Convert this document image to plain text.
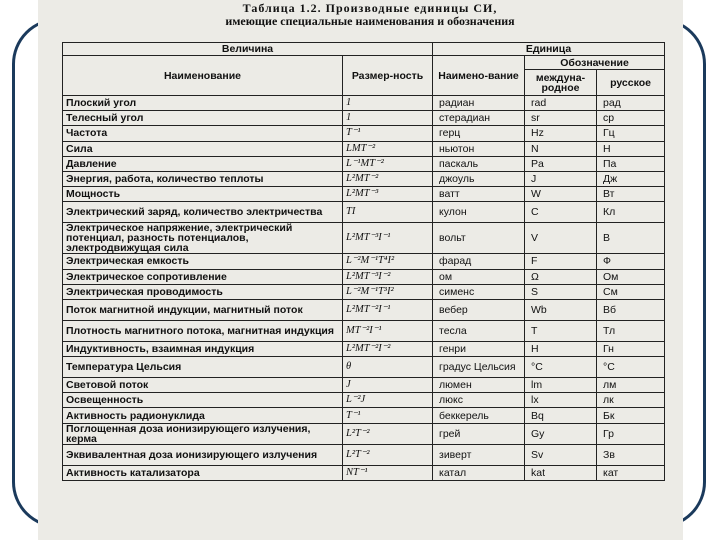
Таблица 1.2. Производные единицы СИ,
имеющие специальные наименования и обозначения
Величина		Единица		
Наименование	Размер-ность	Наимено-вание	Обозначение	
			междуна-родное	русское
Плоский угол	1	радиан	rad	рад
Телесный угол	1	стерадиан	sr	ср
Частота	T⁻¹	герц	Hz	Гц
Сила	LMT⁻²	ньютон	N	Н
Давление	L⁻¹MT⁻²	паскаль	Pa	Па
Энергия, работа, количество теплоты	L²MT⁻²	джоуль	J	Дж
Мощность	L²MT⁻³	ватт	W	Вт
Электрический заряд, количество электричества	TI	кулон	C	Кл
Электрическое напряжение, электрический потенциал, разность потенциалов, электродвижущая сила	L²MT⁻³I⁻¹	вольт	V	В
Электрическая емкость	L⁻²M⁻¹T⁴I²	фарад	F	Ф
Электрическое сопротивление	L²MT⁻³I⁻²	ом	Ω	Ом
Электрическая проводимость	L⁻²M⁻¹T³I²	сименс	S	См
Поток магнитной индукции, магнитный поток	L²MT⁻²I⁻¹	вебер	Wb	Вб
Плотность магнитного потока, магнитная индукция	MT⁻²I⁻¹	тесла	T	Тл
Индуктивность, взаимная индукция	L²MT⁻²I⁻²	генри	H	Гн
Температура Цельсия	θ	градус Цельсия	°C	°C
Световой поток	J	люмен	lm	лм
Освещенность	L⁻²J	люкс	lx	лк
Активность радионуклида	T⁻¹	беккерель	Bq	Бк
Поглощенная доза ионизирующего излучения, керма	L²T⁻²	грей	Gy	Гр
Эквивалентная доза ионизирующего излучения	L²T⁻²	зиверт	Sv	Зв
Активность катализатора	NT⁻¹	катал	kat	кат
